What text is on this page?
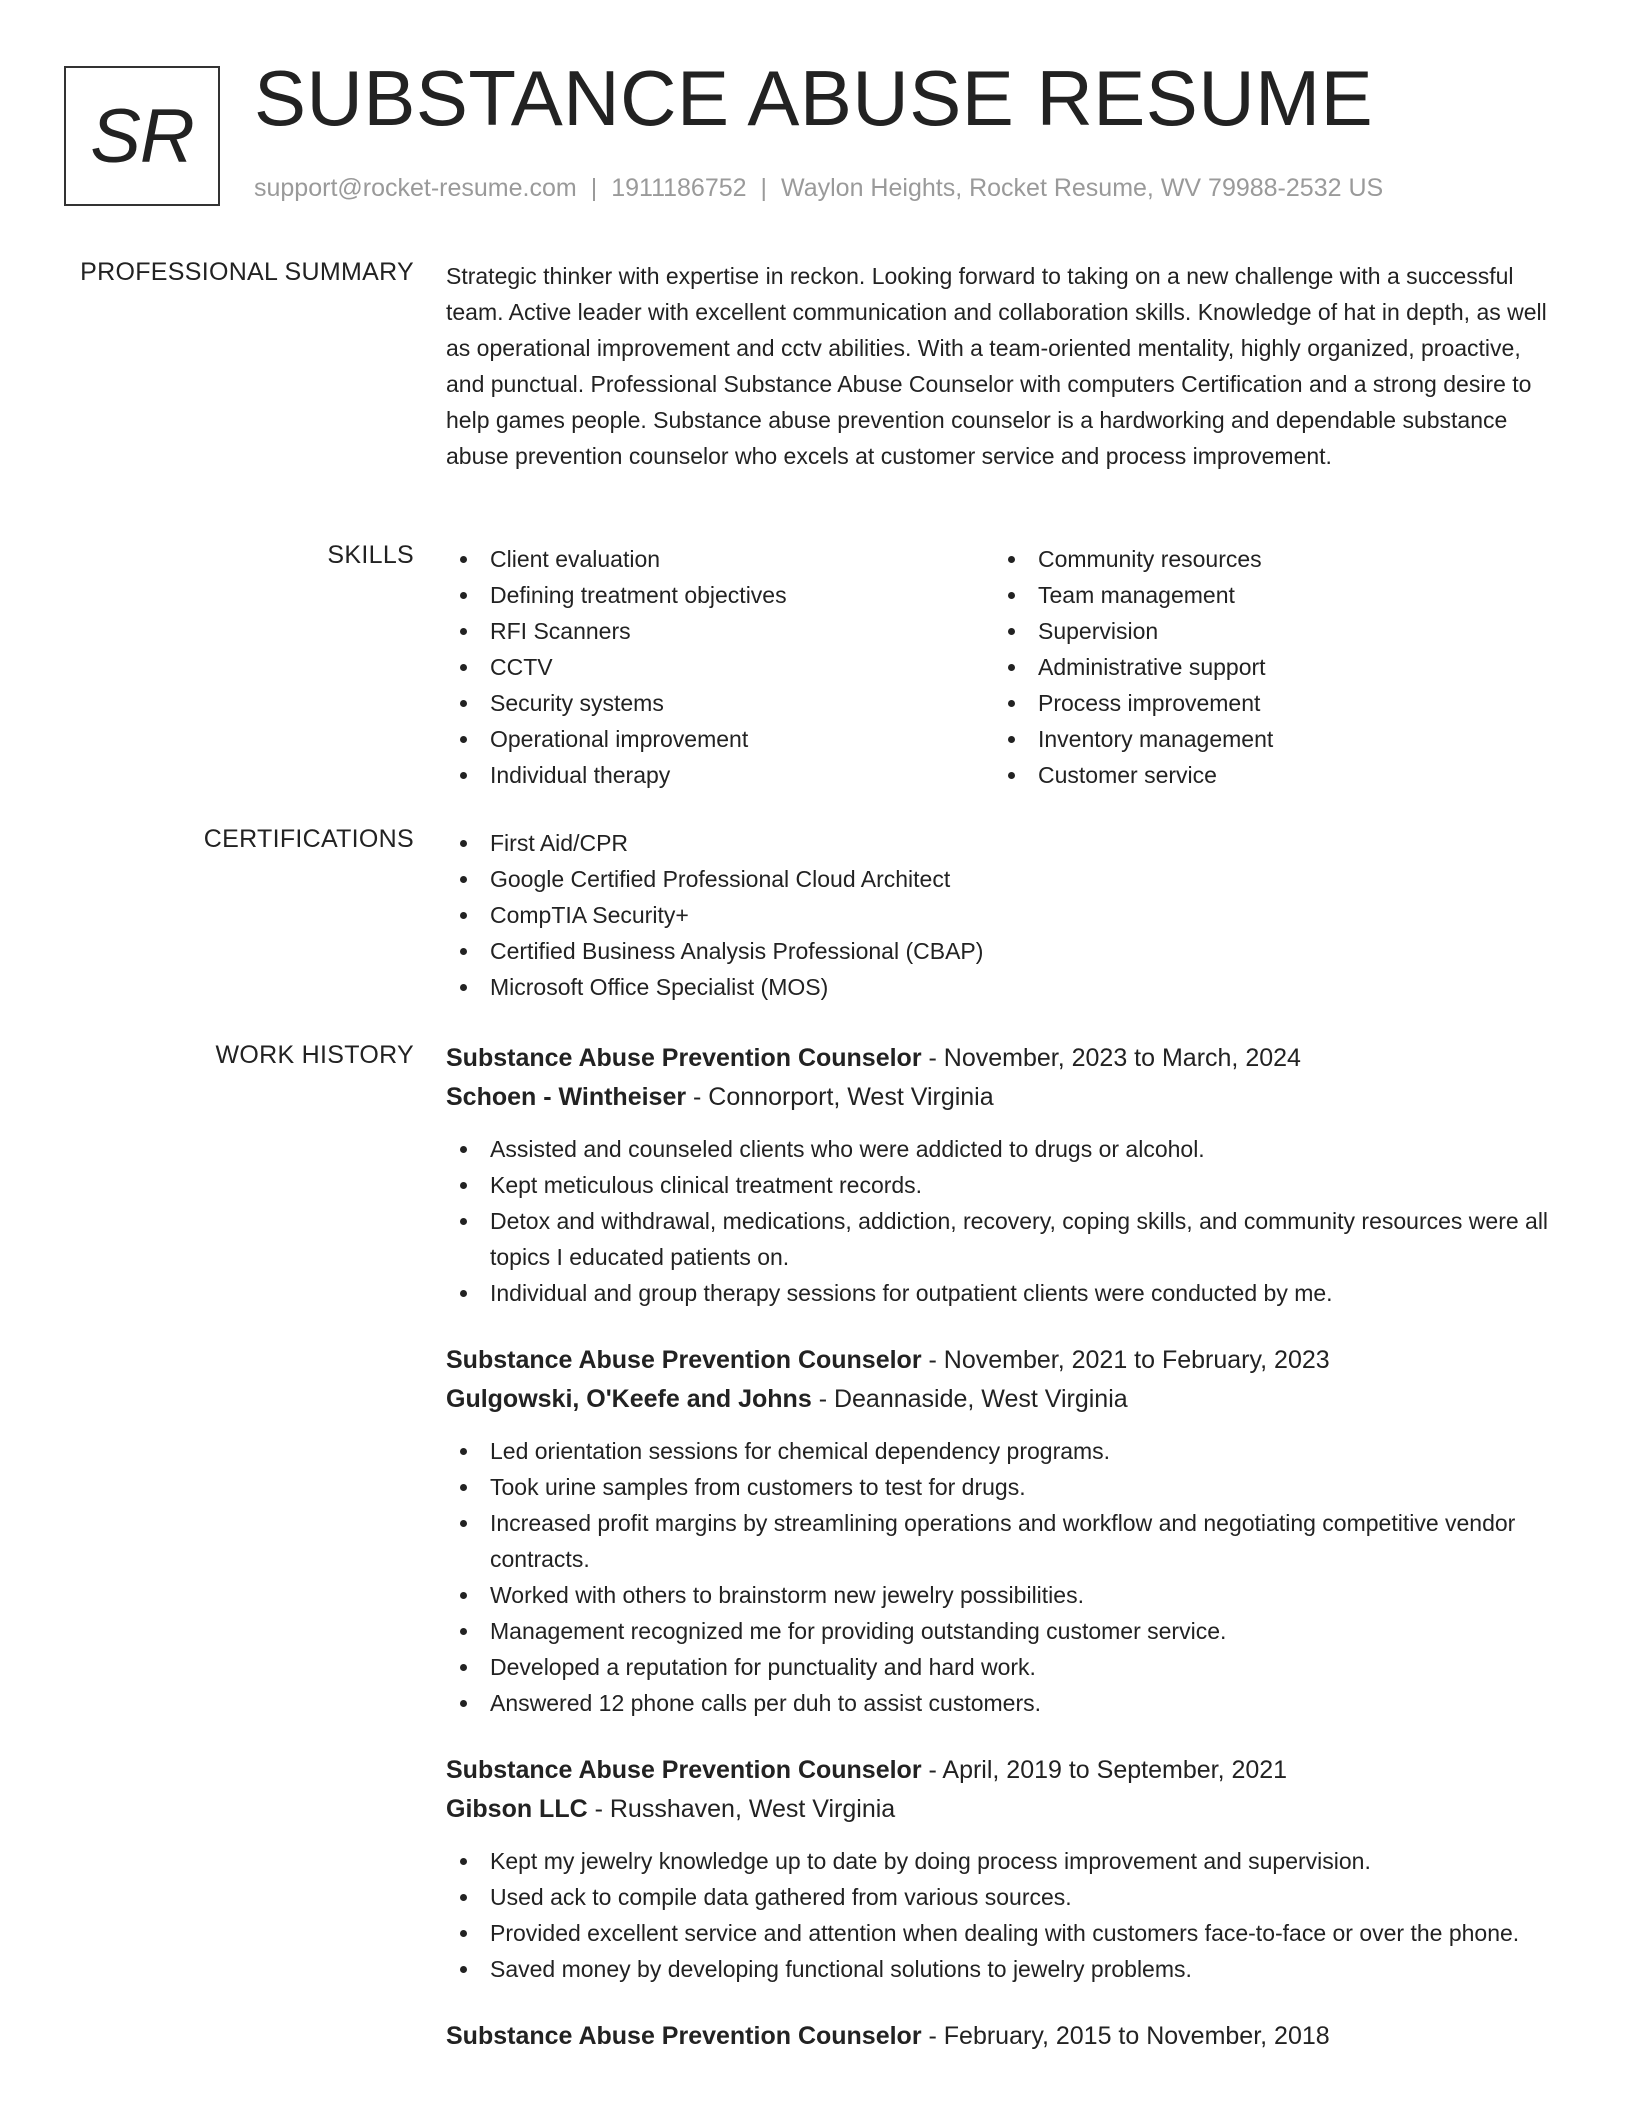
SR SUBSTANCE ABUSE RESUME
support@rocket-resume.com | 1911186752 | Waylon Heights, Rocket Resume, WV 79988-2532 US
PROFESSIONAL SUMMARY Strategic thinker with expertise in reckon. Looking forward to taking on a new challenge with a successful team. Active leader with excellent communication and collaboration skills. Knowledge of hat in depth, as well as operational improvement and cctv abilities. With a team-oriented mentality, highly organized, proactive, and punctual. Professional Substance Abuse Counselor with computers Certification and a strong desire to help games people. Substance abuse prevention counselor is a hardworking and dependable substance abuse prevention counselor who excels at customer service and process improvement.

SKILLS	Client evaluation
Defining treatment objectives
RFI Scanners
CCTV
Security systems
Operational improvement
Individual therapy
Community resources
Team management
Supervision
Administrative support
Process improvement
Inventory management
Customer service
CERTIFICATIONS	First Aid/CPR
Google Certified Professional Cloud Architect
CompTIA Security+
Certified Business Analysis Professional (CBAP)
Microsoft Office Specialist (MOS)
WORK HISTORY Substance Abuse Prevention Counselor - November, 2023 to March, 2024
Schoen - Wintheiser - Connorport, West Virginia
Assisted and counseled clients who were addicted to drugs or alcohol.
Kept meticulous clinical treatment records.
Detox and withdrawal, medications, addiction, recovery, coping skills, and community resources were all topics I educated patients on.
Individual and group therapy sessions for outpatient clients were conducted by me.
Substance Abuse Prevention Counselor - November, 2021 to February, 2023
Gulgowski, O'Keefe and Johns - Deannaside, West Virginia
Led orientation sessions for chemical dependency programs.
Took urine samples from customers to test for drugs.
Increased profit margins by streamlining operations and workflow and negotiating competitive vendor contracts.
Worked with others to brainstorm new jewelry possibilities.
Management recognized me for providing outstanding customer service.
Developed a reputation for punctuality and hard work.
Answered 12 phone calls per duh to assist customers.
Substance Abuse Prevention Counselor - April, 2019 to September, 2021
Gibson LLC - Russhaven, West Virginia
Kept my jewelry knowledge up to date by doing process improvement and supervision.
Used ack to compile data gathered from various sources.
Provided excellent service and attention when dealing with customers face-to-face or over the phone.
Saved money by developing functional solutions to jewelry problems.
Substance Abuse Prevention Counselor - February, 2015 to November, 2018
